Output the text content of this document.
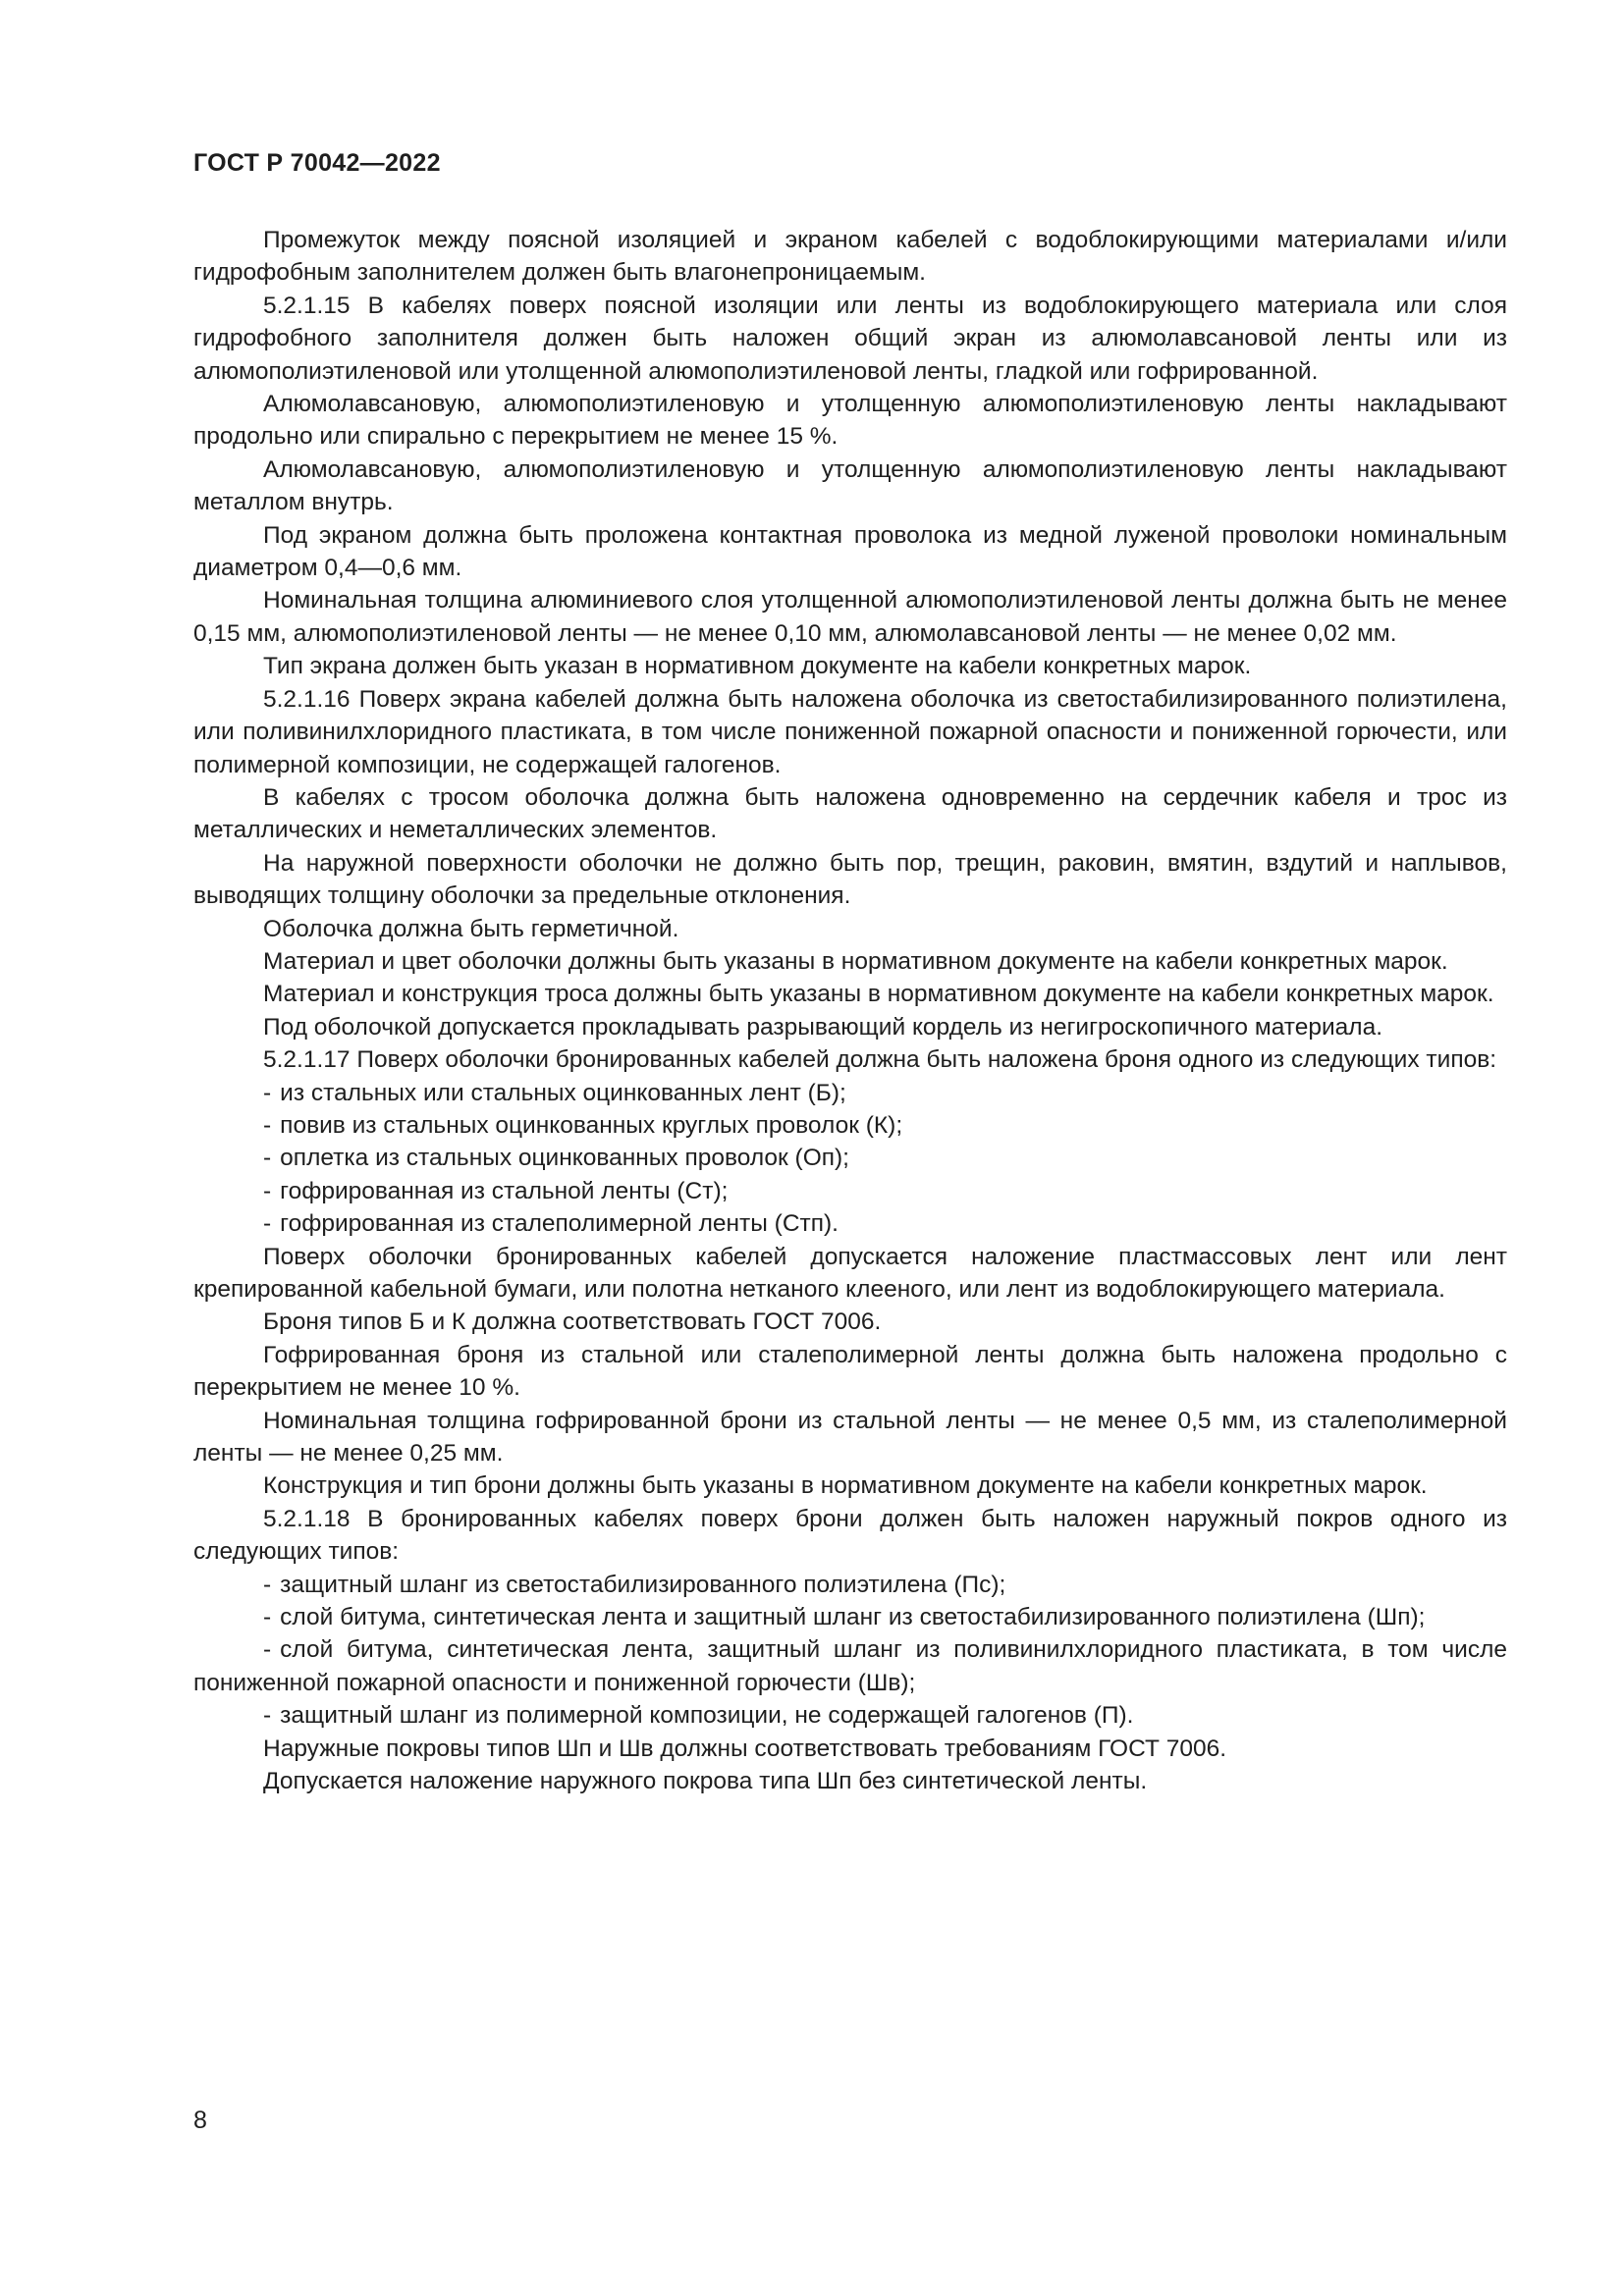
ГОСТ Р 70042—2022

Промежуток между поясной изоляцией и экраном кабелей с водоблокирующими материалами и/или гидрофобным заполнителем должен быть влагонепроницаемым.

5.2.1.15 В кабелях поверх поясной изоляции или ленты из водоблокирующего материала или слоя гидрофобного заполнителя должен быть наложен общий экран из алюмолавсановой ленты или из алюмополиэтиленовой или утолщенной алюмополиэтиленовой ленты, гладкой или гофрированной.

Алюмолавсановую, алюмополиэтиленовую и утолщенную алюмополиэтиленовую ленты накладывают продольно или спирально с перекрытием не менее 15 %.

Алюмолавсановую, алюмополиэтиленовую и утолщенную алюмополиэтиленовую ленты накладывают металлом внутрь.

Под экраном должна быть проложена контактная проволока из медной луженой проволоки номинальным диаметром 0,4—0,6 мм.

Номинальная толщина алюминиевого слоя утолщенной алюмополиэтиленовой ленты должна быть не менее 0,15 мм, алюмополиэтиленовой ленты — не менее 0,10 мм, алюмолавсановой ленты — не менее 0,02 мм.

Тип экрана должен быть указан в нормативном документе на кабели конкретных марок.

5.2.1.16 Поверх экрана кабелей должна быть наложена оболочка из светостабилизированного полиэтилена, или поливинилхлоридного пластиката, в том числе пониженной пожарной опасности и пониженной горючести, или полимерной композиции, не содержащей галогенов.

В кабелях с тросом оболочка должна быть наложена одновременно на сердечник кабеля и трос из металлических и неметаллических элементов.

На наружной поверхности оболочки не должно быть пор, трещин, раковин, вмятин, вздутий и наплывов, выводящих толщину оболочки за предельные отклонения.

Оболочка должна быть герметичной.

Материал и цвет оболочки должны быть указаны в нормативном документе на кабели конкретных марок.

Материал и конструкция троса должны быть указаны в нормативном документе на кабели конкретных марок.

Под оболочкой допускается прокладывать разрывающий кордель из негигроскопичного материала.

5.2.1.17 Поверх оболочки бронированных кабелей должна быть наложена броня одного из следующих типов:

- из стальных или стальных оцинкованных лент (Б);

- повив из стальных оцинкованных круглых проволок (К);

- оплетка из стальных оцинкованных проволок (Оп);

- гофрированная из стальной ленты (Ст);

- гофрированная из сталеполимерной ленты (Стп).

Поверх оболочки бронированных кабелей допускается наложение пластмассовых лент или лент крепированной кабельной бумаги, или полотна нетканого клееного, или лент из водоблокирующего материала.

Броня типов Б и К должна соответствовать ГОСТ 7006.

Гофрированная броня из стальной или сталеполимерной ленты должна быть наложена продольно с перекрытием не менее 10 %.

Номинальная толщина гофрированной брони из стальной ленты — не менее 0,5 мм, из сталеполимерной ленты — не менее 0,25 мм.

Конструкция и тип брони должны быть указаны в нормативном документе на кабели конкретных марок.

5.2.1.18 В бронированных кабелях поверх брони должен быть наложен наружный покров одного из следующих типов:

- защитный шланг из светостабилизированного полиэтилена (Пс);

- слой битума, синтетическая лента и защитный шланг из светостабилизированного полиэтилена (Шп);

- слой битума, синтетическая лента, защитный шланг из поливинилхлоридного пластиката, в том числе пониженной пожарной опасности и пониженной горючести (Шв);

- защитный шланг из полимерной композиции, не содержащей галогенов (П).

Наружные покровы типов Шп и Шв должны соответствовать требованиям ГОСТ 7006.

Допускается наложение наружного покрова типа Шп без синтетической ленты.

8
